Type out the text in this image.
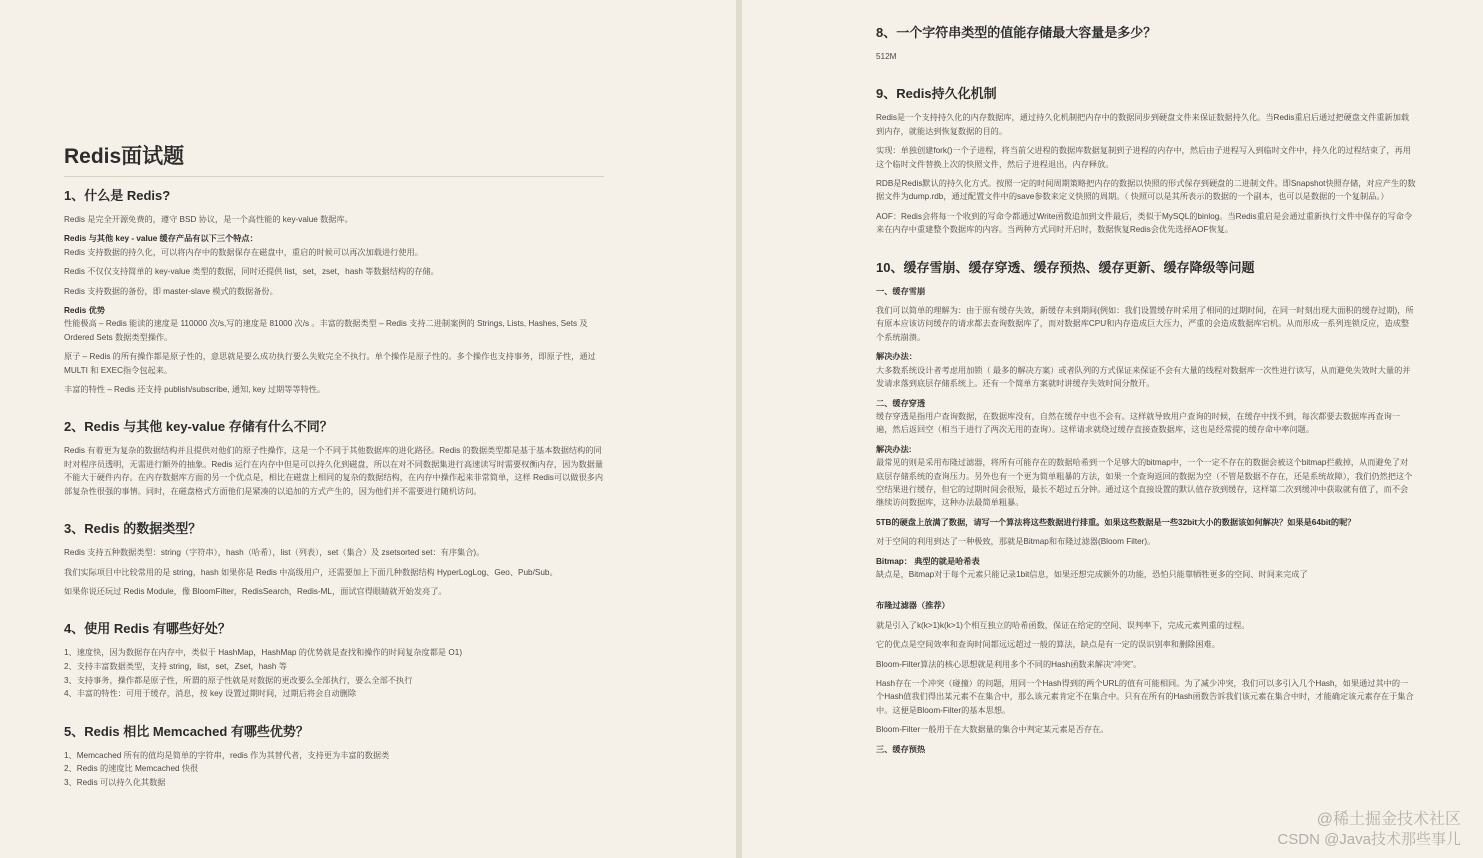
Redis面试题
1、什么是 Redis?

Redis 是完全开源免费的，遵守 BSD 协议，是一个高性能的 key-value 数据库。

Redis 与其他 key - value 缓存产品有以下三个特点：
Redis 支持数据的持久化，可以将内存中的数据保存在磁盘中，重启的时候可以再次加载进行使用。

Redis 不仅仅支持简单的 key-value 类型的数据，同时还提供 list，set，zset，hash 等数据结构的存储。

Redis 支持数据的备份，即 master-slave 模式的数据备份。

Redis 优势
性能极高 – Redis 能读的速度是 110000 次/s,写的速度是 81000 次/s 。丰富的数据类型 – Redis 支持二进制案例的 Strings, Lists, Hashes, Sets 及Ordered Sets 数据类型操作。

原子 – Redis 的所有操作都是原子性的，意思就是要么成功执行要么失败完全不执行。单个操作是原子性的。多个操作也支持事务，即原子性，通过 MULTI 和 EXEC指令包起来。

丰富的特性 – Redis 还支持 publish/subscribe, 通知, key 过期等等特性。

2、Redis 与其他 key-value 存储有什么不同？

Redis 有着更为复杂的数据结构并且提供对他们的原子性操作，这是一个不同于其他数据库的进化路径。Redis 的数据类型都是基于基本数据结构的同时对程序员透明，无需进行额外的抽象。Redis 运行在内存中但是可以持久化到磁盘，所以在对不同数据集进行高速读写时需要权衡内存，因为数据量不能大于硬件内存。在内存数据库方面的另一个优点是，相比在磁盘上相同的复杂的数据结构，在内存中操作起来非常简单，这样 Redis可以做很多内部复杂性很强的事情。同时，在磁盘格式方面他们是紧凑的以追加的方式产生的，因为他们并不需要进行随机访问。

3、Redis 的数据类型？

Redis 支持五种数据类型：string（字符串），hash（哈希），list（列表），set（集合）及 zsetsorted set：有序集合)。

我们实际项目中比较常用的是 string，hash 如果你是 Redis 中高级用户，还需要加上下面几种数据结构 HyperLogLog、Geo、Pub/Sub。

如果你说还玩过 Redis Module，像 BloomFilter，RedisSearch，Redis-ML，面试官得眼睛就开始发亮了。

4、使用 Redis 有哪些好处？
1、速度快，因为数据存在内存中，类似于 HashMap，HashMap 的优势就是查找和操作的时间复杂度都是 O1)
2、支持丰富数据类型，支持 string，list，set，Zset，hash 等
3、支持事务，操作都是原子性，所谓的原子性就是对数据的更改要么全部执行，要么全部不执行
4、丰富的特性：可用于缓存，消息，按 key 设置过期时间，过期后将会自动删除
5、Redis 相比 Memcached 有哪些优势？
1、Memcached 所有的值均是简单的字符串，redis 作为其替代者，支持更为丰富的数据类
2、Redis 的速度比 Memcached 快很
3、Redis 可以持久化其数据
8、一个字符串类型的值能存储最大容量是多少？

512M

9、Redis持久化机制

Redis是一个支持持久化的内存数据库，通过持久化机制把内存中的数据同步到硬盘文件来保证数据持久化。当Redis重启后通过把硬盘文件重新加载到内存，就能达到恢复数据的目的。

实现：单独创建fork()一个子进程，将当前父进程的数据库数据复制到子进程的内存中，然后由子进程写入到临时文件中，持久化的过程结束了，再用这个临时文件替换上次的快照文件，然后子进程退出，内存释放。

RDB是Redis默认的持久化方式。按照一定的时间周期策略把内存的数据以快照的形式保存到硬盘的二进制文件。即Snapshot快照存储，对应产生的数据文件为dump.rdb，通过配置文件中的save参数来定义快照的周期。（ 快照可以是其所表示的数据的一个副本，也可以是数据的一个复制品。）

AOF：Redis会将每一个收到的写命令都通过Write函数追加到文件最后，类似于MySQL的binlog。当Redis重启是会通过重新执行文件中保存的写命令来在内存中重建整个数据库的内容。当两种方式同时开启时，数据恢复Redis会优先选择AOF恢复。

10、缓存雪崩、缓存穿透、缓存预热、缓存更新、缓存降级等问题

一、缓存雪崩

我们可以简单的理解为：由于原有缓存失效，新缓存未到期间(例如：我们设置缓存时采用了相同的过期时间，在同一时刻出现大面积的缓存过期)，所有原本应该访问缓存的请求都去查询数据库了，而对数据库CPU和内存造成巨大压力，严重的会造成数据库宕机。从而形成一系列连锁反应，造成整个系统崩溃。

解决办法：
大多数系统设计者考虑用加锁（ 最多的解决方案）或者队列的方式保证来保证不会有大量的线程对数据库一次性进行读写，从而避免失效时大量的并发请求落到底层存储系统上。还有一个简单方案就时讲缓存失效时间分散开。

二、缓存穿透
缓存穿透是指用户查询数据，在数据库没有，自然在缓存中也不会有。这样就导致用户查询的时候，在缓存中找不到，每次都要去数据库再查询一遍，然后返回空（相当于进行了两次无用的查询）。这样请求就绕过缓存直接查数据库，这也是经常提的缓存命中率问题。

解决办法:
最常见的则是采用布隆过滤器，将所有可能存在的数据哈希到一个足够大的bitmap中，一个一定不存在的数据会被这个bitmap拦截掉，从而避免了对底层存储系统的查询压力。另外也有一个更为简单粗暴的方法，如果一个查询返回的数据为空（不管是数据不存在，还是系统故障），我们仍然把这个空结果进行缓存，但它的过期时间会很短，最长不超过五分钟。通过这个直接设置的默认值存放到缓存，这样第二次到缓冲中获取就有值了，而不会继续访问数据库，这种办法最简单粗暴。

5TB的硬盘上放满了数据，请写一个算法将这些数据进行排重。如果这些数据是一些32bit大小的数据该如何解决？如果是64bit的呢？

对于空间的利用到达了一种极致，那就是Bitmap和布隆过滤器(Bloom Filter)。

Bitmap： 典型的就是哈希表
缺点是，Bitmap对于每个元素只能记录1bit信息，如果还想完成额外的功能，恐怕只能靠牺牲更多的空间、时间来完成了

布隆过滤器（推荐）

就是引入了k(k>1)k(k>1)个相互独立的哈希函数，保证在给定的空间、误判率下，完成元素判重的过程。

它的优点是空间效率和查询时间都远远超过一般的算法，缺点是有一定的误识别率和删除困难。

Bloom-Filter算法的核心思想就是利用多个不同的Hash函数来解决“冲突”。

Hash存在一个冲突（碰撞）的问题，用同一个Hash得到的两个URL的值有可能相同。为了减少冲突，我们可以多引入几个Hash，如果通过其中的一个Hash值我们得出某元素不在集合中，那么该元素肯定不在集合中。只有在所有的Hash函数告诉我们该元素在集合中时，才能确定该元素存在于集合中。这便是Bloom-Filter的基本思想。

Bloom-Filter一般用于在大数据量的集合中判定某元素是否存在。

三、缓存预热

@稀土掘金技术社区
CSDN @Java技术那些事儿
